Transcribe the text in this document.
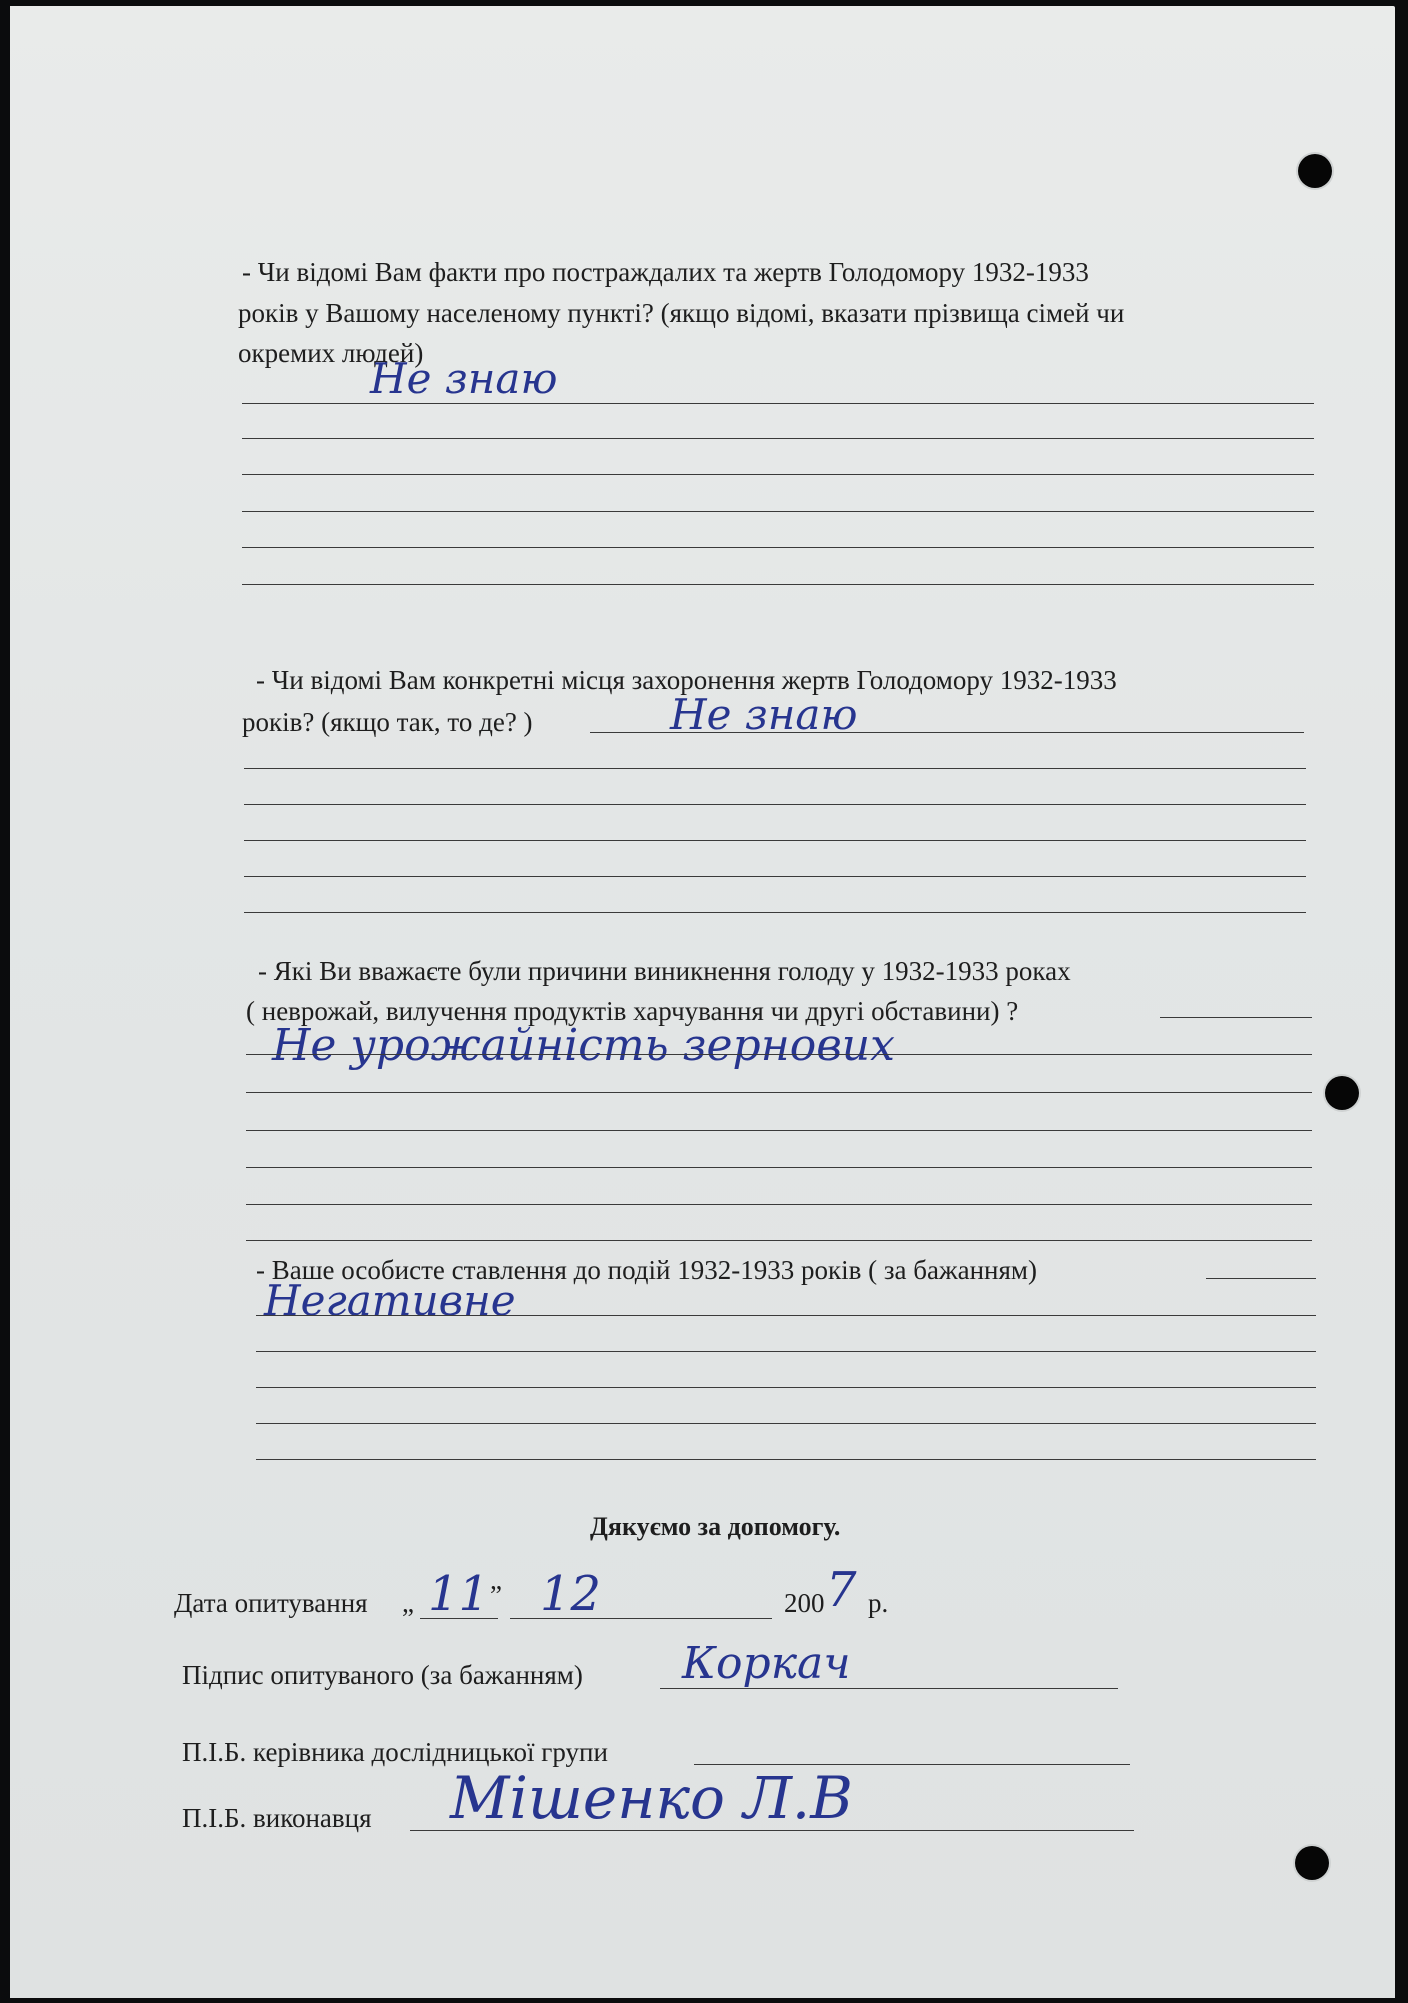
- Чи відомі Вам факти про постраждалих та жертв Голодомору 1932-1933
років у Вашому населеному пункті? (якщо відомі, вказати прізвища сімей чи
окремих людей)
Не знаю
- Чи відомі Вам конкретні місця захоронення жертв Голодомору 1932-1933
років? (якщо так, то де? )	Не знаю
- Які Ви вважаєте були причини виникнення голоду у 1932-1933 роках
( неврожай, вилучення продуктів харчування чи другі обставини) ?
Не урожайність зернових
- Ваше особисте ставлення до подій 1932-1933 років ( за бажанням)
Негативне
Дякуємо за допомогу.
Дата опитування „ 11 ” 12	200 7 р.
Підпис опитуваного (за бажанням) Коркач
П.І.Б. керівника дослідницької групи
П.І.Б. виконавця Мішенко Л.В
